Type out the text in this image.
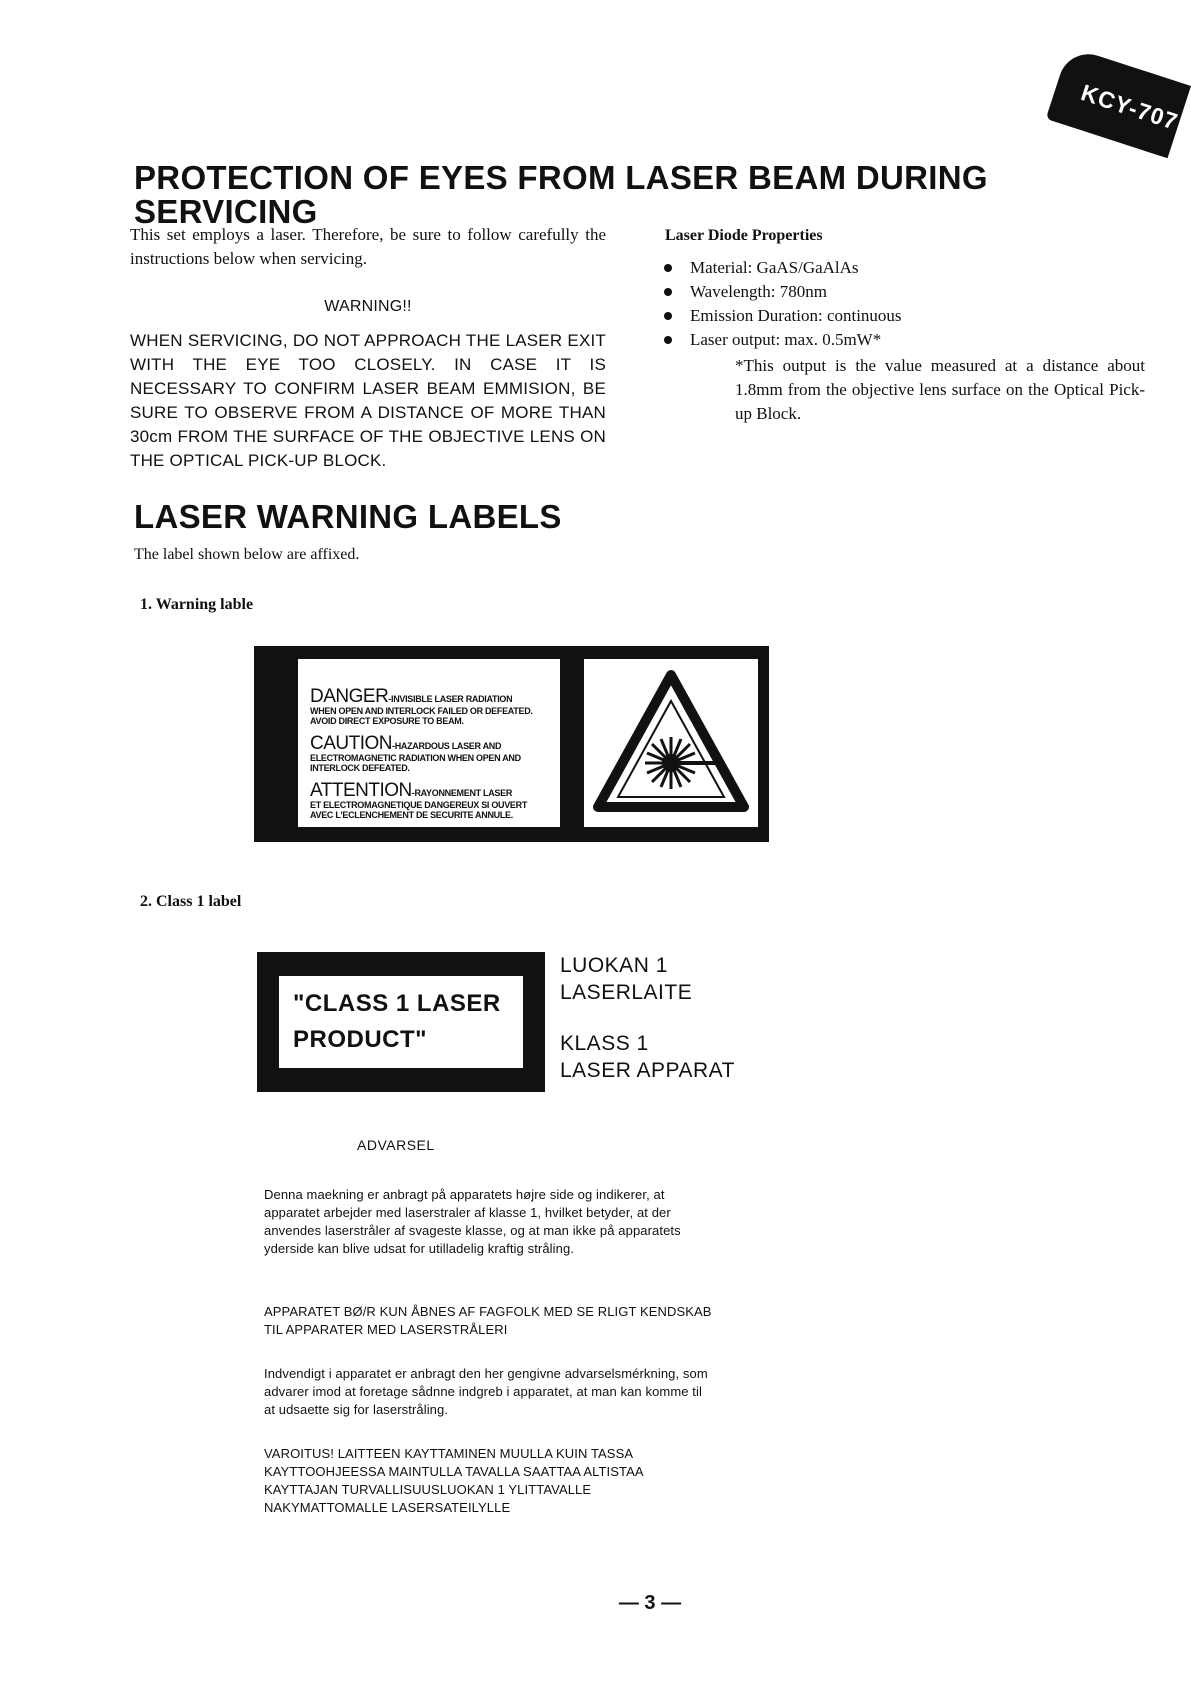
KCY-707
PROTECTION OF EYES FROM LASER BEAM DURING SERVICING
This set employs a laser. Therefore, be sure to follow carefully the instructions below when servicing.
WARNING!!
WHEN SERVICING, DO NOT APPROACH THE LASER EXIT WITH THE EYE TOO CLOSELY. IN CASE IT IS NECESSARY TO CONFIRM LASER BEAM EMMISION, BE SURE TO OBSERVE FROM A DISTANCE OF MORE THAN 30cm FROM THE SURFACE OF THE OBJECTIVE LENS ON THE OPTICAL PICK-UP BLOCK.
Laser Diode Properties
Material: GaAS/GaAlAs
Wavelength: 780nm
Emission Duration: continuous
Laser output: max. 0.5mW*
*This output is the value measured at a distance about 1.8mm from the objective lens surface on the Optical Pick-up Block.
LASER WARNING LABELS
The label shown below are affixed.
1. Warning lable
DANGER-INVISIBLE LASER RADIATION
WHEN OPEN AND INTERLOCK FAILED OR DEFEATED.
AVOID DIRECT EXPOSURE TO BEAM.
CAUTION-HAZARDOUS LASER AND
ELECTROMAGNETIC RADIATION WHEN OPEN AND
INTERLOCK DEFEATED.
ATTENTION-RAYONNEMENT LASER
ET ELECTROMAGNETIQUE DANGEREUX SI OUVERT
AVEC L'ECLENCHEMENT DE SECURITE ANNULE.
2. Class 1 label
"CLASS 1 LASER
PRODUCT"
LUOKAN 1
LASERLAITE
KLASS 1
LASER APPARAT
ADVARSEL
Denna maekning er anbragt på apparatets højre side og indikerer, at apparatet arbejder med laserstraler af klasse 1, hvilket betyder, at der anvendes laserstråler af svageste klasse, og at man ikke på apparatets yderside kan blive udsat for utilladelig kraftig stråling.
APPARATET BØ/R KUN ÅBNES AF FAGFOLK MED SE RLIGT KENDSKAB TIL APPARATER MED LASERSTRÅLERI
Indvendigt i apparatet er anbragt den her gengivne advarselsmérkning, som advarer imod at foretage sådnne indgreb i apparatet, at man kan komme til at udsaette sig for laserstråling.
VAROITUS! LAITTEEN KAYTTAMINEN MUULLA KUIN TASSA KAYTTOOHJEESSA MAINTULLA TAVALLA SAATTAA ALTISTAA KAYTTAJAN TURVALLISUUSLUOKAN 1 YLITTAVALLE NAKYMATTOMALLE LASERSATEILYLLE
— 3 —
